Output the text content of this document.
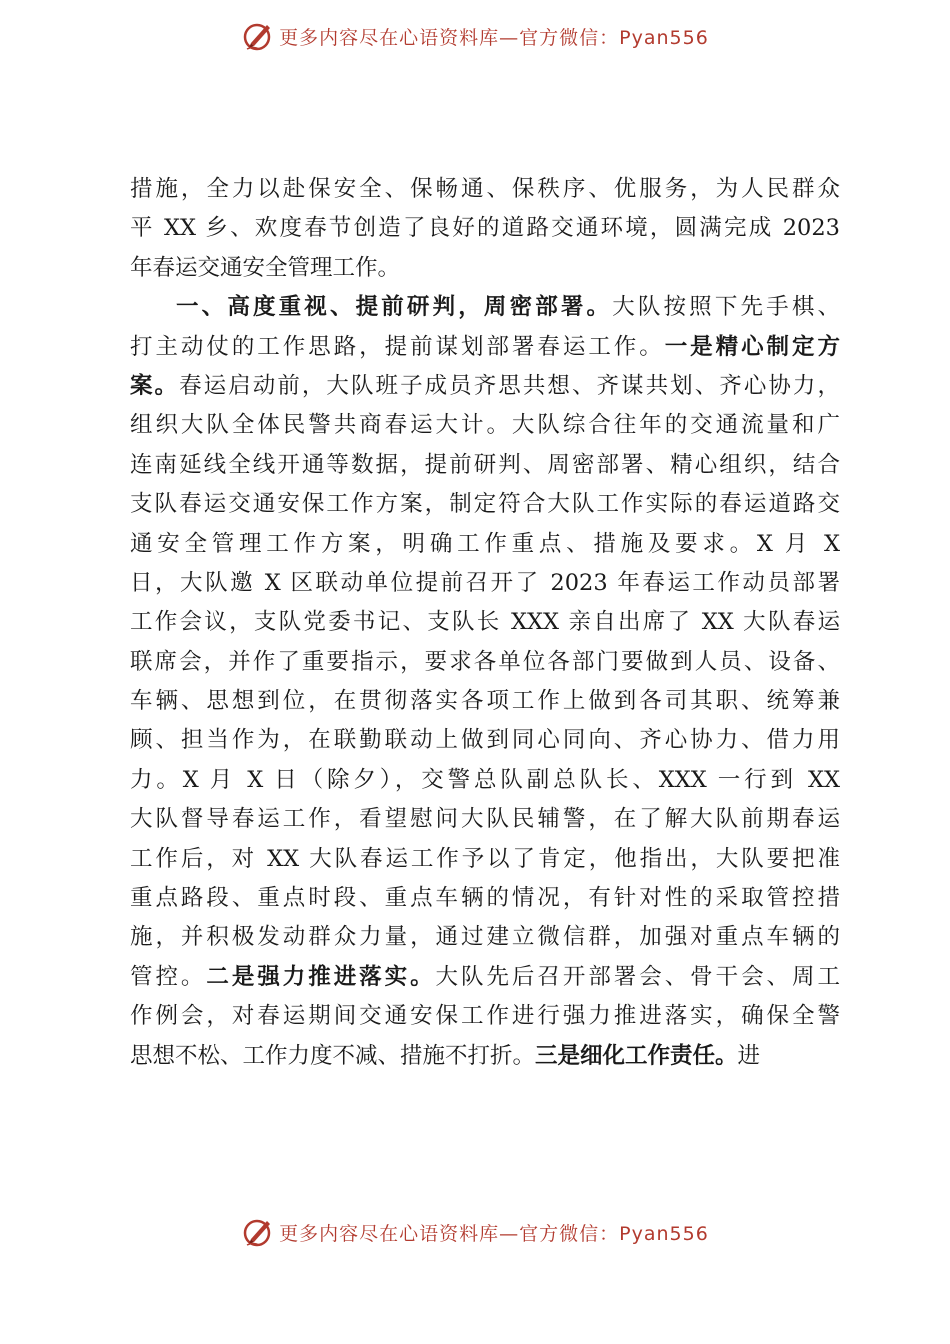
更多内容尽在心语资料库—官方微信：Pyan556
措施，全力以赴保安全、保畅通、保秩序、优服务，为人民群众
平 XX 乡、欢度春节创造了良好的道路交通环境，圆满完成 2023
年春运交通安全管理工作。
一、高度重视、提前研判，周密部署。大队按照下先手棋、
打主动仗的工作思路，提前谋划部署春运工作。一是精心制定方
案。春运启动前，大队班子成员齐思共想、齐谋共划、齐心协力，
组织大队全体民警共商春运大计。大队综合往年的交通流量和广
连南延线全线开通等数据，提前研判、周密部署、精心组织，结合
支队春运交通安保工作方案，制定符合大队工作实际的春运道路交
通安全管理工作方案，明确工作重点、措施及要求。X 月 X
日，大队邀 X 区联动单位提前召开了 2023 年春运工作动员部署
工作会议，支队党委书记、支队长 XXX 亲自出席了 XX 大队春运
联席会，并作了重要指示，要求各单位各部门要做到人员、设备、
车辆、思想到位，在贯彻落实各项工作上做到各司其职、统筹兼
顾、担当作为，在联勤联动上做到同心同向、齐心协力、借力用
力。X 月 X 日（除夕），交警总队副总队长、XXX 一行到 XX
大队督导春运工作，看望慰问大队民辅警，在了解大队前期春运
工作后，对 XX 大队春运工作予以了肯定，他指出，大队要把准
重点路段、重点时段、重点车辆的情况，有针对性的采取管控措
施，并积极发动群众力量，通过建立微信群，加强对重点车辆的
管控。二是强力推进落实。大队先后召开部署会、骨干会、周工
作例会，对春运期间交通安保工作进行强力推进落实，确保全警
思想不松、工作力度不减、措施不打折。三是细化工作责任。进
更多内容尽在心语资料库—官方微信：Pyan556
